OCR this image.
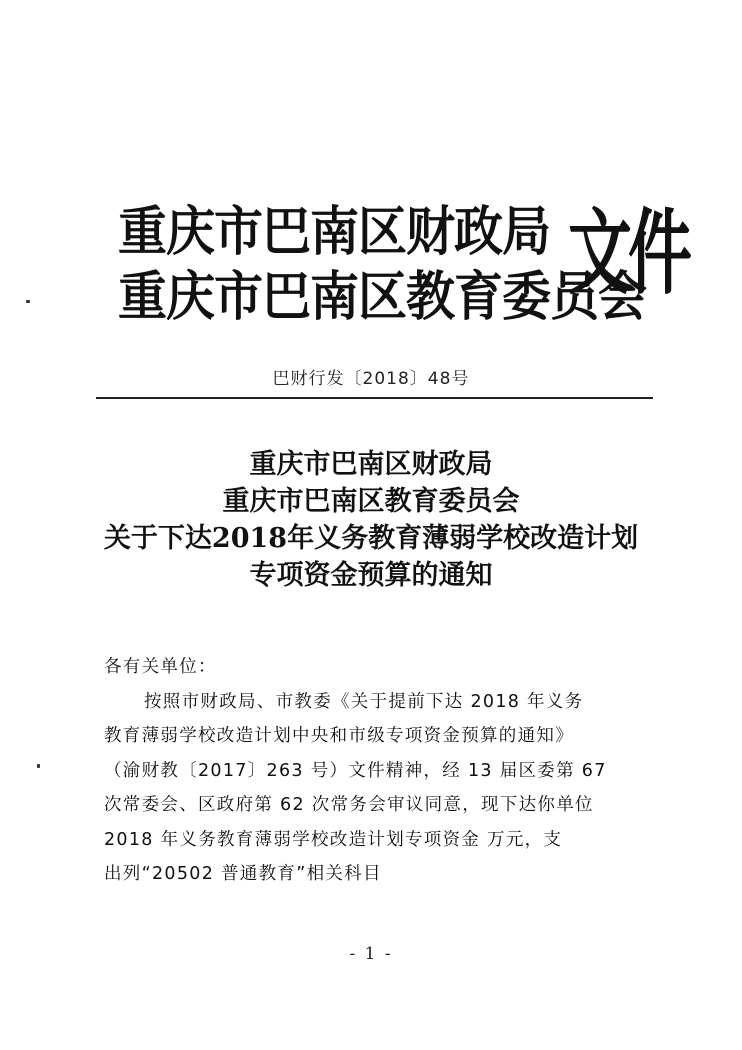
重庆市巴南区财政局
重庆市巴南区教育委员会
文件
巴财行发〔2018〕48号
重庆市巴南区财政局
重庆市巴南区教育委员会
关于下达2018年义务教育薄弱学校改造计划
专项资金预算的通知
各有关单位：
按照市财政局、市教委《关于提前下达 2018 年义务
教育薄弱学校改造计划中央和市级专项资金预算的通知》
（渝财教〔2017〕263 号）文件精神，经 13 届区委第 67
次常委会、区政府第 62 次常务会审议同意，现下达你单位
2018 年义务教育薄弱学校改造计划专项资金 万元，支
出列“20502 普通教育”相关科目
- 1 -
